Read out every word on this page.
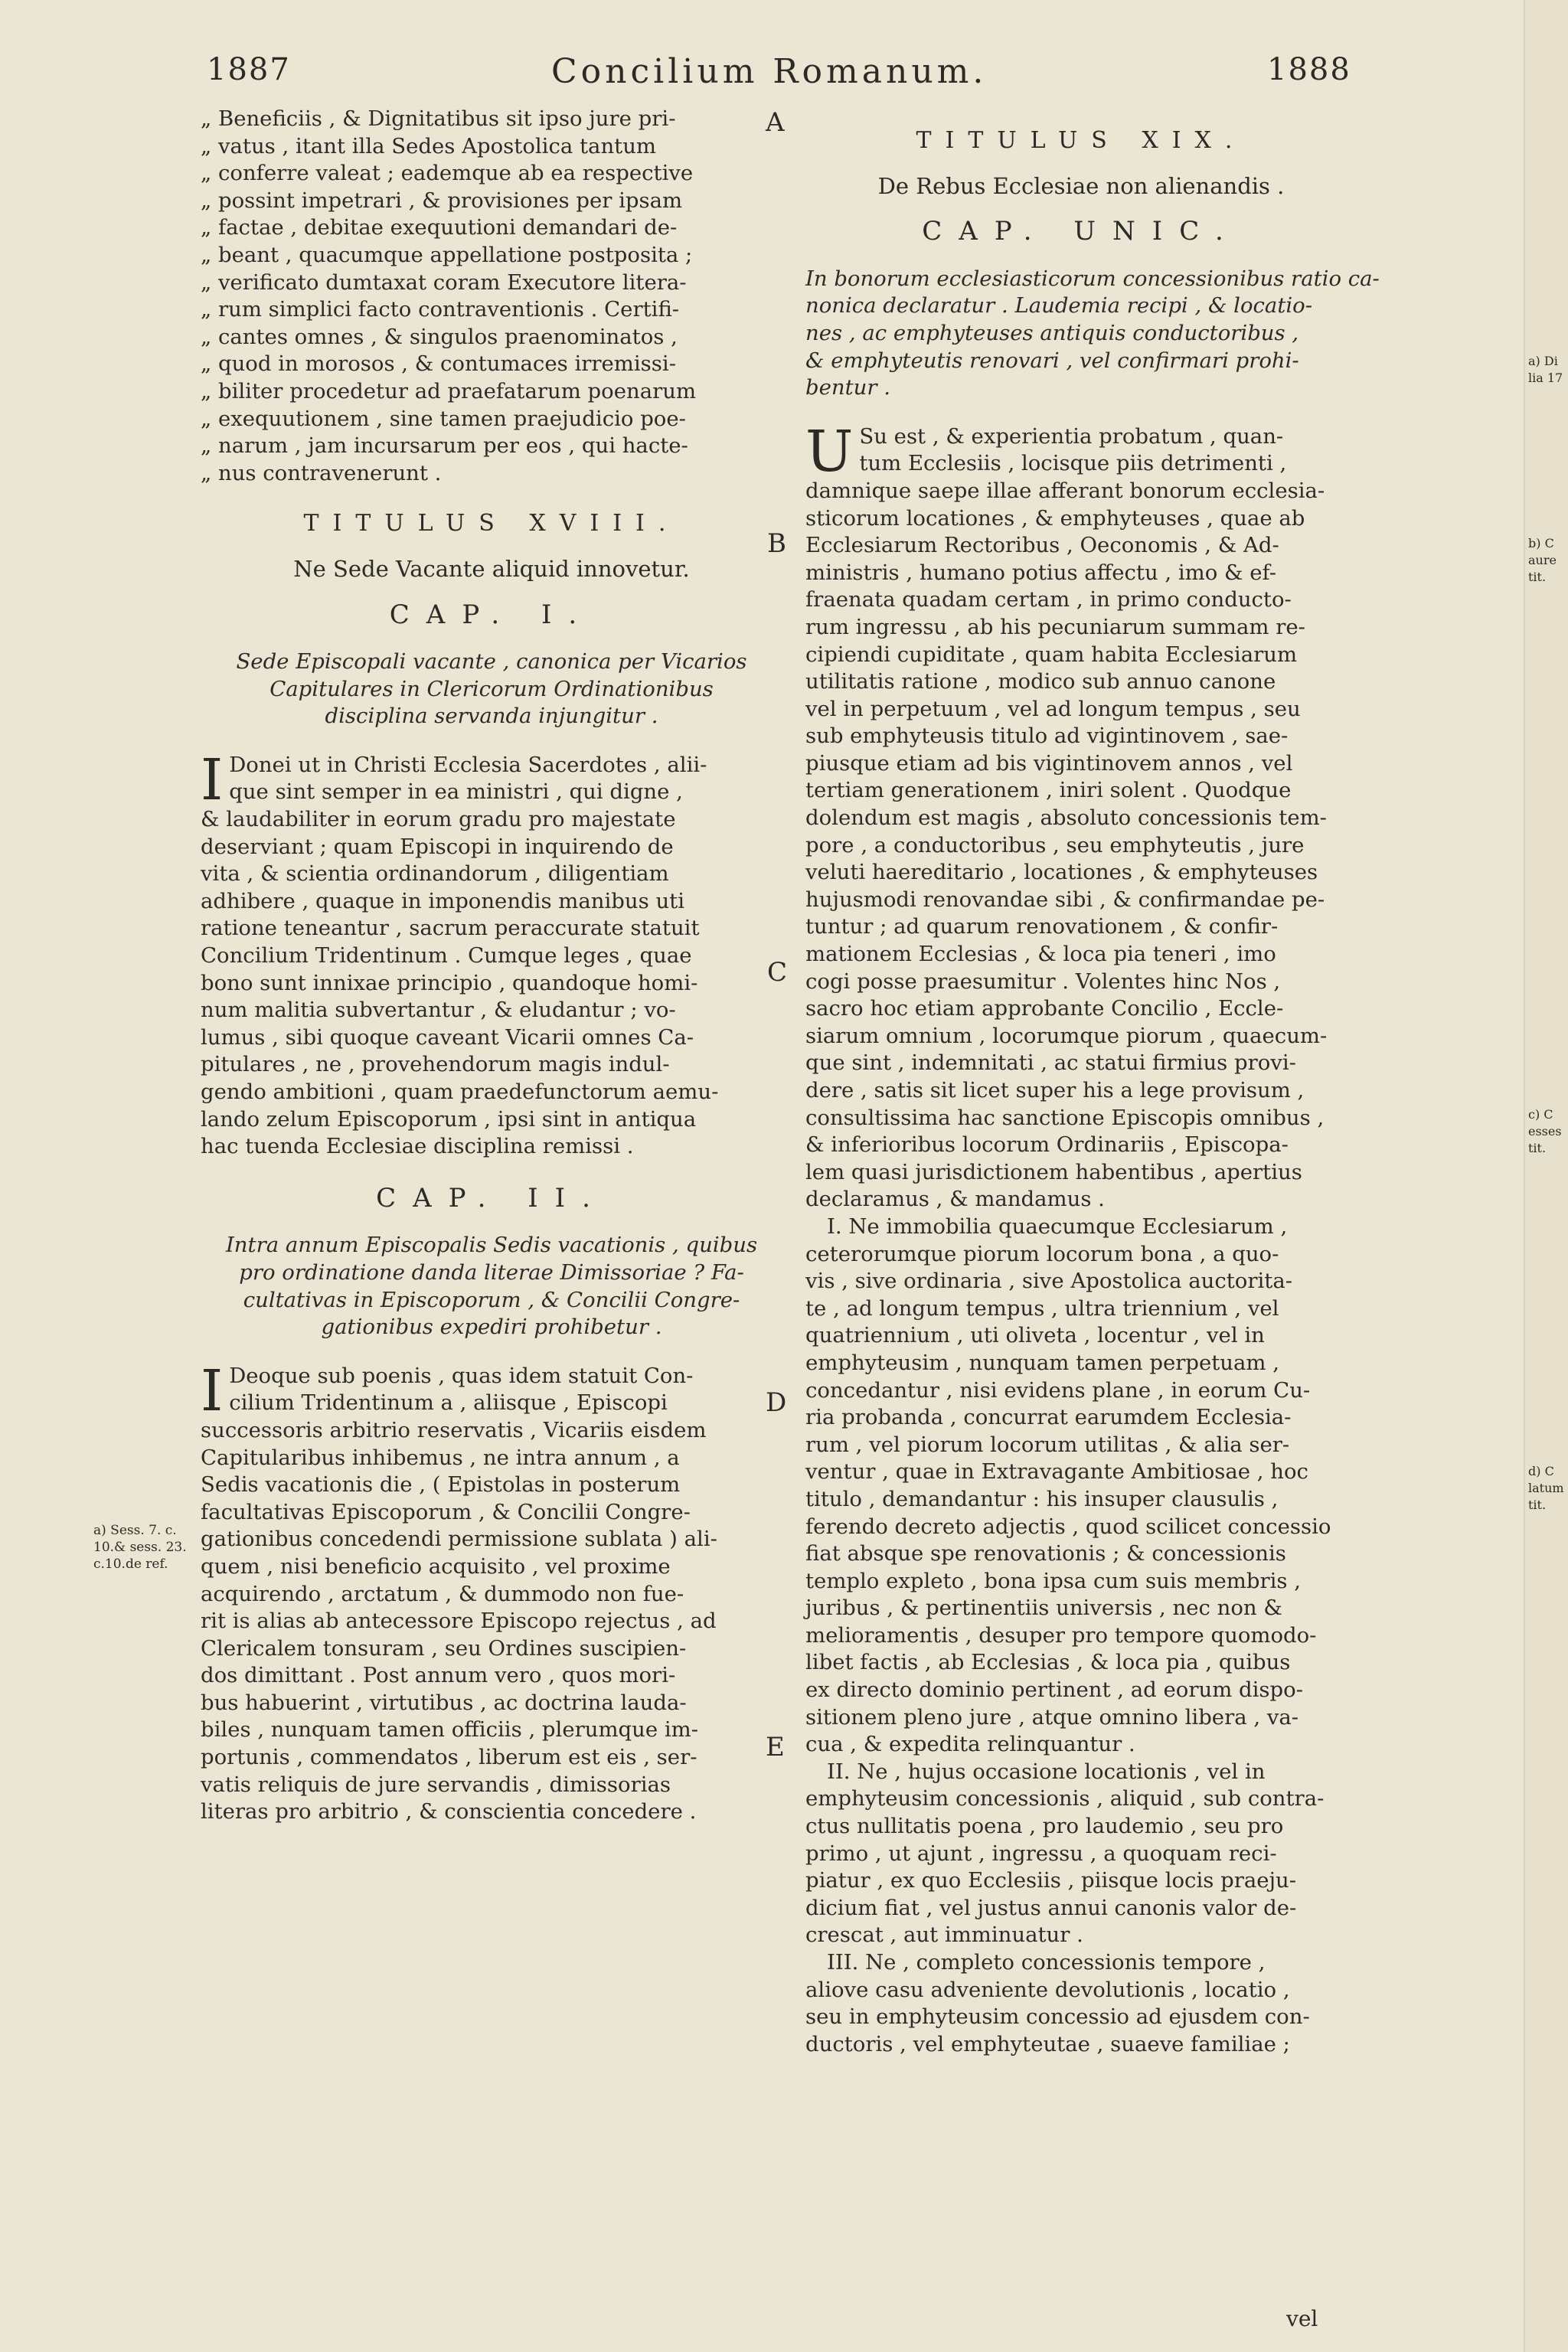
1887	Concilium Romanum.	1888
A
B
C
D
E
„ Beneficiis , & Dignitatibus sit ipso jure pri-
„ vatus , itant illa Sedes Apostolica tantum
„ conferre valeat ; eademque ab ea respective
„ possint impetrari , & provisiones per ipsam
„ factae , debitae exequutioni demandari de-
„ beant , quacumque appellatione postposita ;
„ verificato dumtaxat coram Executore litera-
„ rum simplici facto contraventionis . Certifi-
„ cantes omnes , & singulos praenominatos ,
„ quod in morosos , & contumaces irremissi-
„ biliter procedetur ad praefatarum poenarum
„ exequutionem , sine tamen praejudicio poe-
„ narum , jam incursarum per eos , qui hacte-
„ nus contravenerunt .
TITULUS XVIII.
Ne Sede Vacante aliquid innovetur.
CAP. I.
Sede Episcopali vacante , canonica per Vicarios
Capitulares in Clericorum Ordinationibus
disciplina servanda injungitur .
I Donei ut in Christi Ecclesia Sacerdotes , alii-
que sint semper in ea ministri , qui digne ,
& laudabiliter in eorum gradu pro majestate
deserviant ; quam Episcopi in inquirendo de
vita , & scientia ordinandorum , diligentiam
adhibere , quaque in imponendis manibus uti
ratione teneantur , sacrum peraccurate statuit
Concilium Tridentinum . Cumque leges , quae
bono sunt innixae principio , quandoque homi-
num malitia subvertantur , & eludantur ; vo-
lumus , sibi quoque caveant Vicarii omnes Ca-
pitulares , ne , provehendorum magis indul-
gendo ambitioni , quam praedefunctorum aemu-
lando zelum Episcoporum , ipsi sint in antiqua
hac tuenda Ecclesiae disciplina remissi .
CAP. II.
Intra annum Episcopalis Sedis vacationis , quibus
pro ordinatione danda literae Dimissoriae ? Fa-
cultativas in Episcoporum , & Concilii Congre-
gationibus expediri prohibetur .
I Deoque sub poenis , quas idem statuit Con-
cilium Tridentinum a , aliisque , Episcopi
successoris arbitrio reservatis , Vicariis eisdem
Capitularibus inhibemus , ne intra annum , a
Sedis vacationis die , ( Epistolas in posterum
facultativas Episcoporum , & Concilii Congre-
gationibus concedendi permissione sublata ) ali-
quem , nisi beneficio acquisito , vel proxime
acquirendo , arctatum , & dummodo non fue-
rit is alias ab antecessore Episcopo rejectus , ad
Clericalem tonsuram , seu Ordines suscipien-
dos dimittant . Post annum vero , quos mori-
bus habuerint , virtutibus , ac doctrina lauda-
biles , nunquam tamen officiis , plerumque im-
portunis , commendatos , liberum est eis , ser-
vatis reliquis de jure servandis , dimissorias
literas pro arbitrio , & conscientia concedere .
a) Sess. 7. c.
10.& sess. 23.
c.10.de ref.
TITULUS XIX.
De Rebus Ecclesiae non alienandis .
CAP. UNIC.
In bonorum ecclesiasticorum concessionibus ratio ca-
nonica declaratur . Laudemia recipi , & locatio-
nes , ac emphyteuses antiquis conductoribus ,
& emphyteutis renovari , vel confirmari prohi-
bentur .
U Su est , & experientia probatum , quan-
tum Ecclesiis , locisque piis detrimenti ,
damnique saepe illae afferant bonorum ecclesia-
sticorum locationes , & emphyteuses , quae ab
Ecclesiarum Rectoribus , Oeconomis , & Ad-
ministris , humano potius affectu , imo & ef-
fraenata quadam certam , in primo conducto-
rum ingressu , ab his pecuniarum summam re-
cipiendi cupiditate , quam habita Ecclesiarum
utilitatis ratione , modico sub annuo canone
vel in perpetuum , vel ad longum tempus , seu
sub emphyteusis titulo ad vigintinovem , sae-
piusque etiam ad bis vigintinovem annos , vel
tertiam generationem , iniri solent . Quodque
dolendum est magis , absoluto concessionis tem-
pore , a conductoribus , seu emphyteutis , jure
veluti haereditario , locationes , & emphyteuses
hujusmodi renovandae sibi , & confirmandae pe-
tuntur ; ad quarum renovationem , & confir-
mationem Ecclesias , & loca pia teneri , imo
cogi posse praesumitur . Volentes hinc Nos ,
sacro hoc etiam approbante Concilio , Eccle-
siarum omnium , locorumque piorum , quaecum-
que sint , indemnitati , ac statui firmius provi-
dere , satis sit licet super his a lege provisum ,
consultissima hac sanctione Episcopis omnibus ,
& inferioribus locorum Ordinariis , Episcopa-
lem quasi jurisdictionem habentibus , apertius
declaramus , & mandamus .
I. Ne immobilia quaecumque Ecclesiarum ,
ceterorumque piorum locorum bona , a quo-
vis , sive ordinaria , sive Apostolica auctorita-
te , ad longum tempus , ultra triennium , vel
quatriennium , uti oliveta , locentur , vel in
emphyteusim , nunquam tamen perpetuam ,
concedantur , nisi evidens plane , in eorum Cu-
ria probanda , concurrat earumdem Ecclesia-
rum , vel piorum locorum utilitas , & alia ser-
ventur , quae in Extravagante Ambitiosae , hoc
titulo , demandantur : his insuper clausulis ,
ferendo decreto adjectis , quod scilicet concessio
fiat absque spe renovationis ; & concessionis
templo expleto , bona ipsa cum suis membris ,
juribus , & pertinentiis universis , nec non &
melioramentis , desuper pro tempore quomodo-
libet factis , ab Ecclesias , & loca pia , quibus
ex directo dominio pertinent , ad eorum dispo-
sitionem pleno jure , atque omnino libera , va-
cua , & expedita relinquantur .
II. Ne , hujus occasione locationis , vel in
emphyteusim concessionis , aliquid , sub contra-
ctus nullitatis poena , pro laudemio , seu pro
primo , ut ajunt , ingressu , a quoquam reci-
piatur , ex quo Ecclesiis , piisque locis praeju-
dicium fiat , vel justus annui canonis valor de-
crescat , aut imminuatur .
III. Ne , completo concessionis tempore ,
aliove casu adveniente devolutionis , locatio ,
seu in emphyteusim concessio ad ejusdem con-
ductoris , vel emphyteutae , suaeve familiae ;
vel
a) Di
lia 17
b) C
aure
tit.
c) C
esses
tit.
d) C
latum
tit.
